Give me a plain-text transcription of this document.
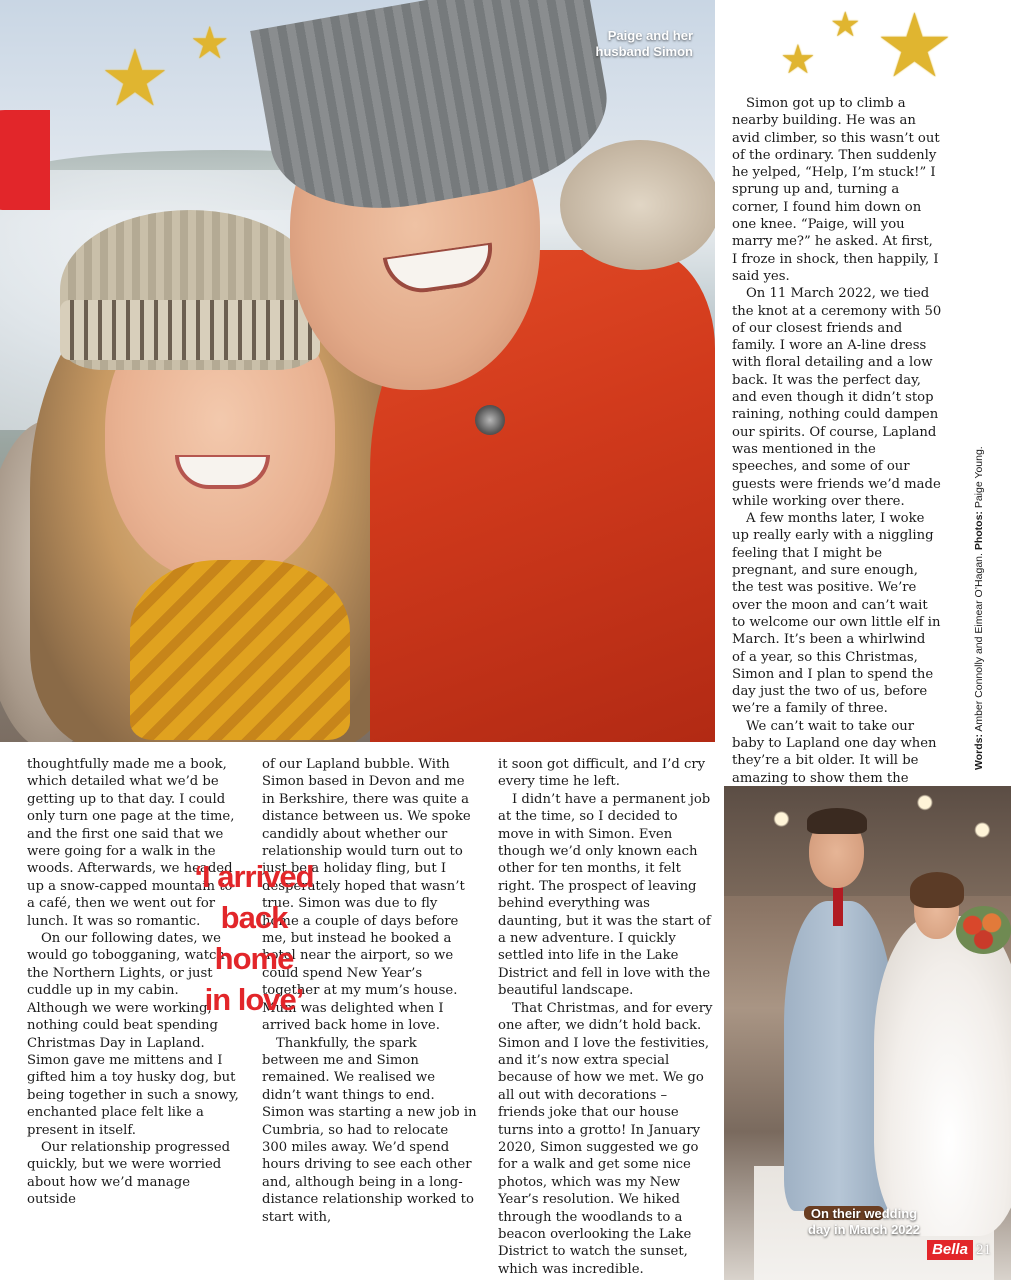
Paige and her
husband Simon
★ ★	★
★ ★

Simon got up to climb a nearby building. He was an avid climber, so this wasn’t out of the ordinary. Then suddenly he yelped, “Help, I’m stuck!” I sprung up and, turning a corner, I found him down on one knee. “Paige, will you marry me?” he asked. At first, I froze in shock, then happily, I said yes.

On 11 March 2022, we tied the knot at a ceremony with 50 of our closest friends and family. I wore an A-line dress with floral detailing and a low back. It was the perfect day, and even though it didn’t stop raining, nothing could dampen our spirits. Of course, Lapland was mentioned in the speeches, and some of our guests were friends we’d made while working over there.

A few months later, I woke up really early with a niggling feeling that I might be pregnant, and sure enough, the test was positive. We’re over the moon and can’t wait to welcome our own little elf in March. It’s been a whirlwind of a year, so this Christmas, Simon and I plan to spend the day just the two of us, before we’re a family of three.

We can’t wait to take our baby to Lapland one day when they’re a bit older. It will be amazing to show them the

Words: Amber Connolly and Eimear O’Hagan. Photos: Paige Young.

thoughtfully made me a book, which detailed what we’d be getting up to that day. I could only turn one page at the time, and the first one said that we were going for a walk in the woods. Afterwards, we headed up a snow-capped mountain to a café, then we went out for lunch. It was so romantic.

On our following dates, we would go tobogganing, watch the Northern Lights, or just cuddle up in my cabin. Although we were working, nothing could beat spending Christmas Day in Lapland. Simon gave me mittens and I gifted him a toy husky dog, but being together in such a snowy, enchanted place felt like a present in itself.

Our relationship progressed quickly, but we were worried about how we’d manage outside

of our Lapland bubble. With Simon based in Devon and me in Berkshire, there was quite a distance between us. We spoke candidly about whether our relationship would turn out to just be a holiday fling, but I desperately hoped that wasn’t true. Simon was due to fly home a couple of days before me, but instead he booked a hotel near the airport, so we could spend New Year’s together at my mum’s house. Mum was delighted when I arrived back home in love.

Thankfully, the spark between me and Simon remained. We realised we didn’t want things to end. Simon was starting a new job in Cumbria, so had to relocate 300 miles away. We’d spend hours driving to see each other and, although being in a long-distance relationship worked to start with,

it soon got difficult, and I’d cry every time he left.

I didn’t have a permanent job at the time, so I decided to move in with Simon. Even though we’d only known each other for ten months, it felt right. The prospect of leaving behind everything was daunting, but it was the start of a new adventure. I quickly settled into life in the Lake District and fell in love with the beautiful landscape.

That Christmas, and for every one after, we didn’t hold back. Simon and I love the festivities, and it’s now extra special because of how we met. We go all out with decorations – friends joke that our house turns into a grotto! In January 2020, Simon suggested we go for a walk and get some nice photos, which was my New Year’s resolution. We hiked through the woodlands to a beacon overlooking the Lake District to watch the sunset, which was incredible.

‘I arrived
back home
in love’
On their wedding
day in March 2022
Bella 21
